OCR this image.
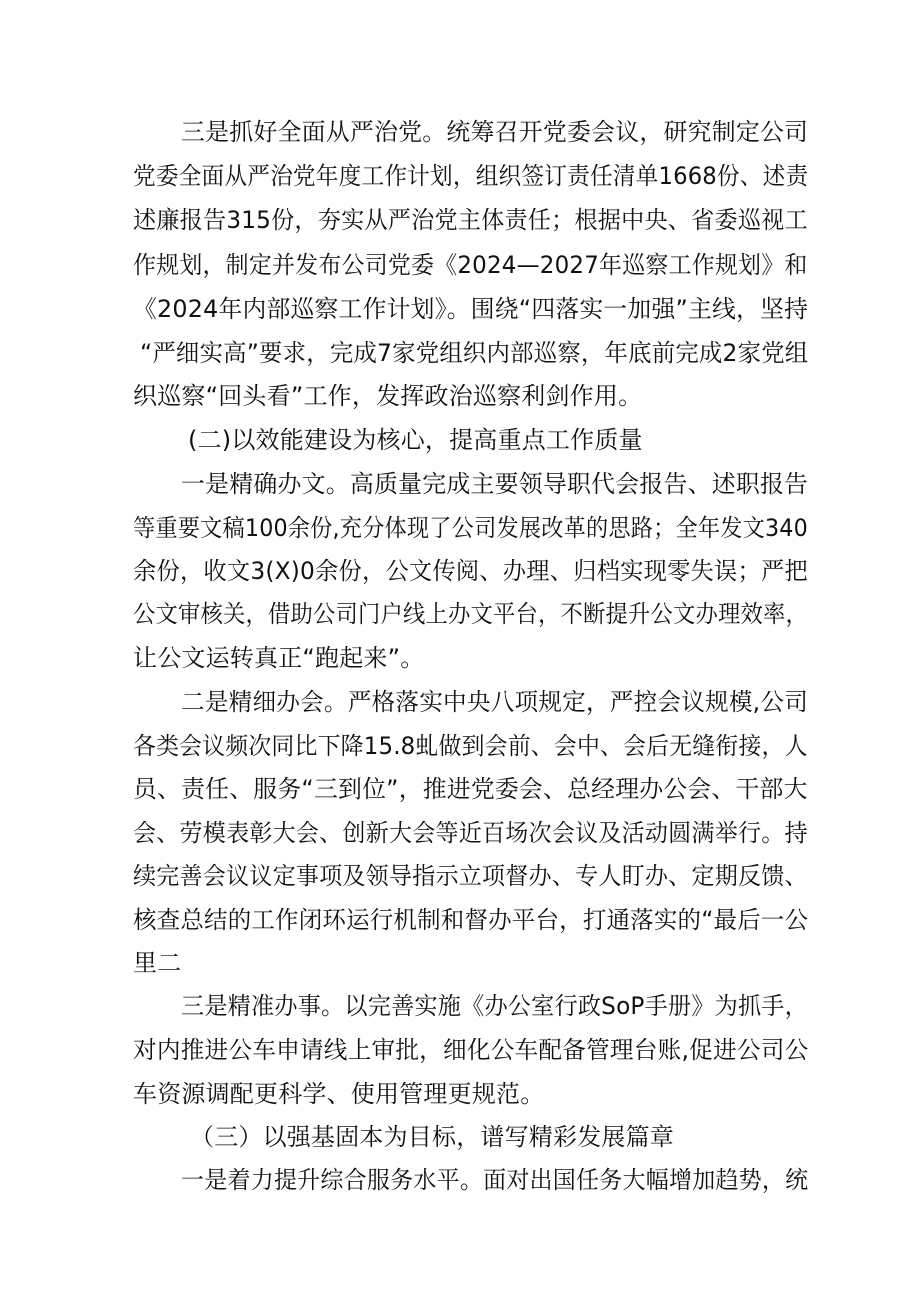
三是抓好全面从严治党。统筹召开党委会议，研究制定公司
党委全面从严治党年度工作计划，组织签订责任清单1668份、述责
述廉报告315份，夯实从严治党主体责任；根据中央、省委巡视工
作规划，制定并发布公司党委《2024—2027年巡察工作规划》和
《2024年内部巡察工作计划》。围绕“四落实一加强”主线，坚持
“严细实高”要求，完成7家党组织内部巡察，年底前完成2家党组
织巡察“回头看”工作，发挥政治巡察利剑作用。
(二)以效能建设为核心，提高重点工作质量
一是精确办文。高质量完成主要领导职代会报告、述职报告
等重要文稿100余份,充分体现了公司发展改革的思路；全年发文340
余份，收文3(X)0余份，公文传阅、办理、归档实现零失误；严把
公文审核关，借助公司门户线上办文平台，不断提升公文办理效率，
让公文运转真正“跑起来”。
二是精细办会。严格落实中央八项规定，严控会议规模,公司
各类会议频次同比下降15.8虬做到会前、会中、会后无缝衔接，人
员、责任、服务“三到位”，推进党委会、总经理办公会、干部大
会、劳模表彰大会、创新大会等近百场次会议及活动圆满举行。持
续完善会议议定事项及领导指示立项督办、专人盯办、定期反馈、
核查总结的工作闭环运行机制和督办平台，打通落实的“最后一公
里二
三是精准办事。以完善实施《办公室行政SoP手册》为抓手，
对内推进公车申请线上审批，细化公车配备管理台账,促进公司公
车资源调配更科学、使用管理更规范。
（三）以强基固本为目标，谱写精彩发展篇章
一是着力提升综合服务水平。面对出国任务大幅增加趋势，统
